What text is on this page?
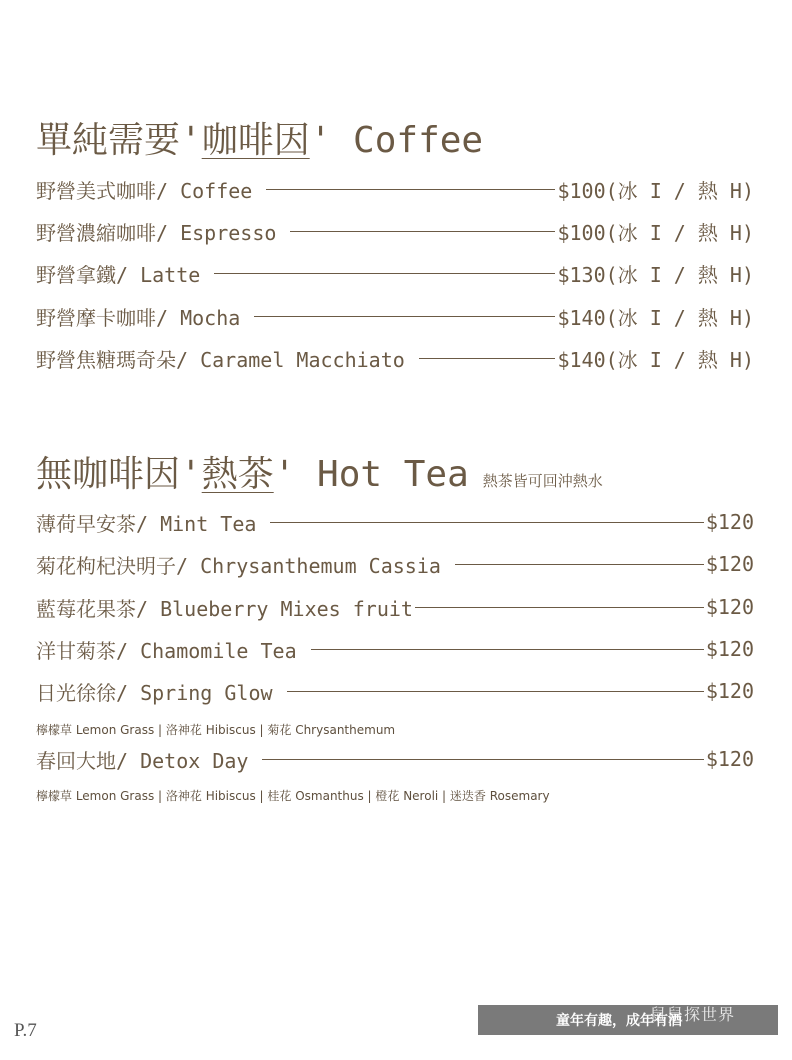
單純需要' 咖啡因 ' Coffee
野營美式咖啡/ Coffee	$100(冰 I / 熱 H)
野營濃縮咖啡/ Espresso	$100(冰 I / 熱 H)
野營拿鐵/ Latte	$130(冰 I / 熱 H)
野營摩卡咖啡/ Mocha	$140(冰 I / 熱 H)
野營焦糖瑪奇朵/ Caramel Macchiato	$140(冰 I / 熱 H)
無咖啡因' 熱茶 ' Hot Tea 熱茶皆可回沖熱水
薄荷早安茶/ Mint Tea	$120
菊花枸杞決明子/ Chrysanthemum Cassia	$120
藍莓花果茶/ Blueberry Mixes fruit	$120
洋甘菊茶/ Chamomile Tea	$120
日光徐徐/ Spring Glow	$120
檸檬草 Lemon Grass | 洛神花 Hibiscus | 菊花 Chrysanthemum
春回大地/ Detox Day	$120
檸檬草 Lemon Grass | 洛神花 Hibiscus | 桂花 Osmanthus | 橙花 Neroli | 迷迭香 Rosemary
P.7	童年有趣，成年有酒
鼠鼠探世界
